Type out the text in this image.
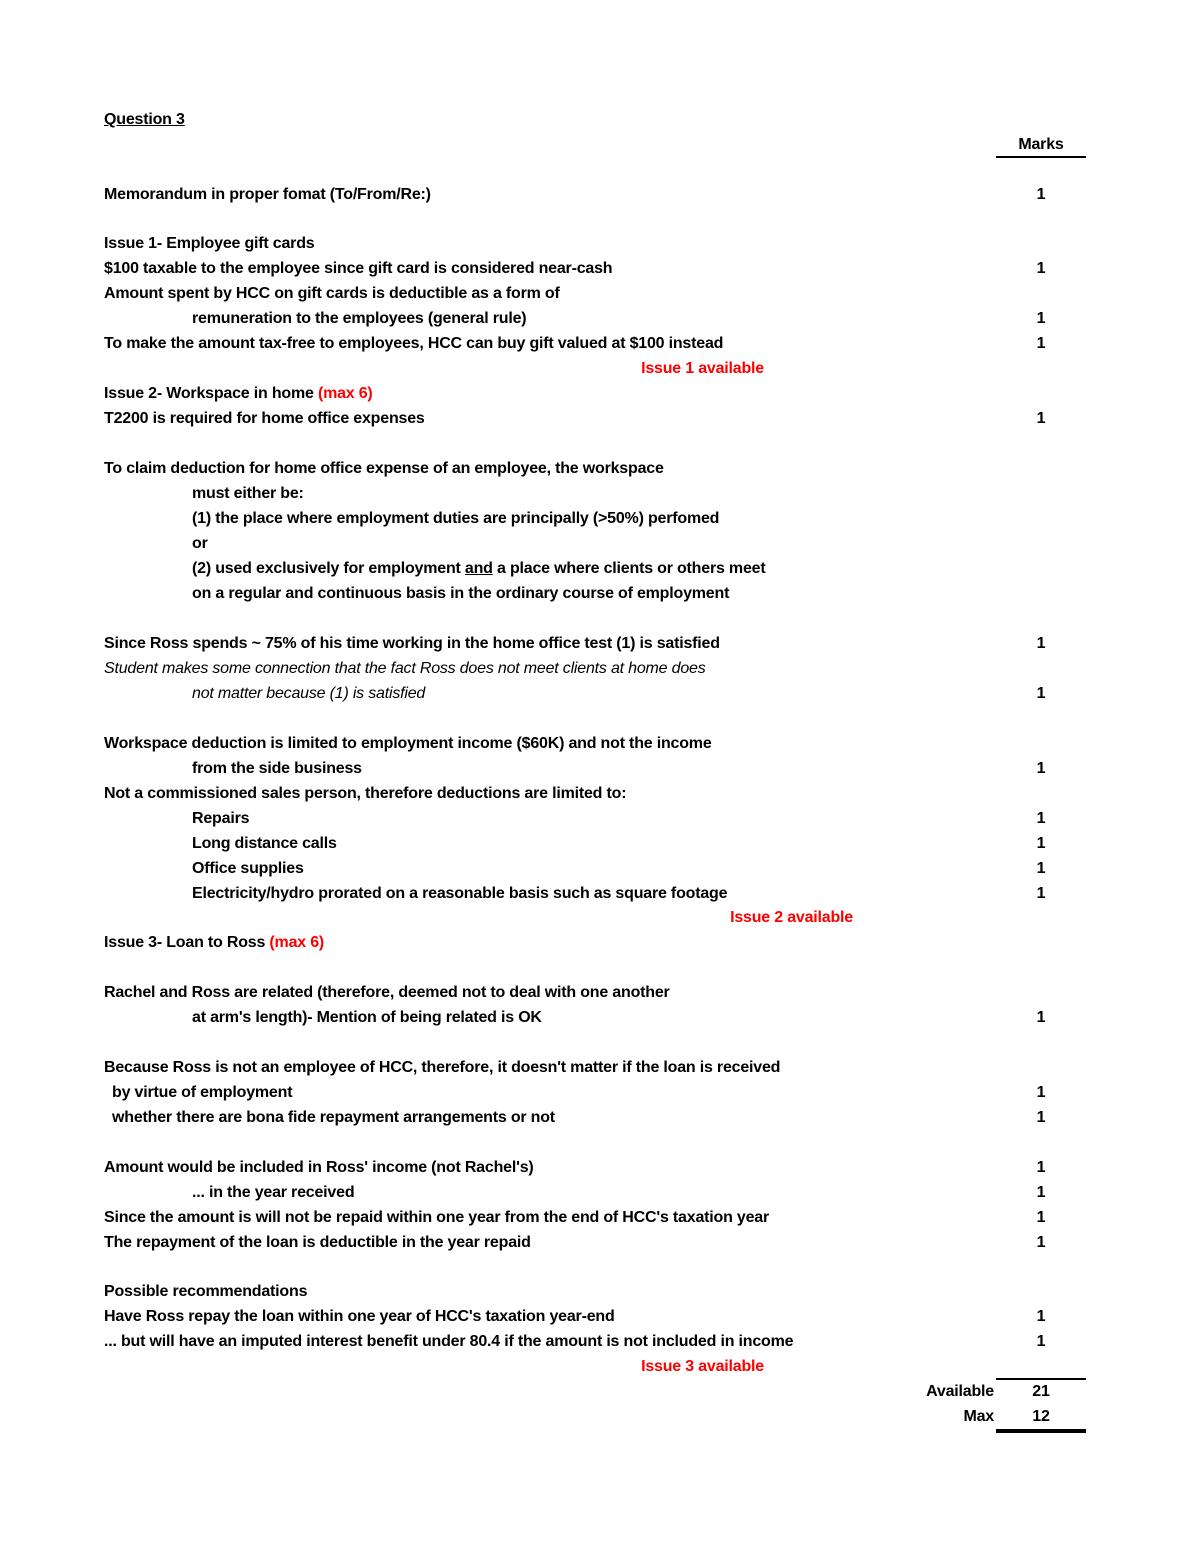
Question 3
Marks
Memorandum in proper fomat (To/From/Re:)	1
Issue 1- Employee gift cards
$100 taxable to the employee since gift card is considered near-cash	1
Amount spent by HCC on gift cards is deductible as a form of
remuneration to the employees (general rule)	1
To make the amount tax-free to employees, HCC can buy gift valued at $100 instead	1
Issue 1 available
Issue 2- Workspace in home (max 6)
T2200 is required for home office expenses	1
To claim deduction for home office expense of an employee, the workspace
must either be:
(1) the place where employment duties are principally (>50%) perfomed
or
(2) used exclusively for employment and a place where clients or others meet
on a regular and continuous basis in the ordinary course of employment
Since Ross spends ~ 75% of his time working in the home office test (1) is satisfied	1
Student makes some connection that the fact Ross does not meet clients at home does
not matter because (1) is satisfied	1
Workspace deduction is limited to employment income ($60K) and not the income
from the side business	1
Not a commissioned sales person, therefore deductions are limited to:
Repairs	1
Long distance calls	1
Office supplies	1
Electricity/hydro prorated on a reasonable basis such as square footage	1
Issue 2 available
Issue 3- Loan to Ross (max 6)
Rachel and Ross are related (therefore, deemed not to deal with one another
at arm's length)- Mention of being related is OK	1
Because Ross is not an employee of HCC, therefore, it doesn't matter if the loan is received
by virtue of employment	1
whether there are bona fide repayment arrangements or not	1
Amount would be included in Ross' income (not Rachel's)	1
... in the year received	1
Since the amount is will not be repaid within one year from the end of HCC's taxation year	1
The repayment of the loan is deductible in the year repaid	1
Possible recommendations
Have Ross repay the loan within one year of HCC's taxation year-end	1
... but will have an imputed interest benefit under 80.4 if the amount is not included in income	1
Issue 3 available
Available	21
Max	12
